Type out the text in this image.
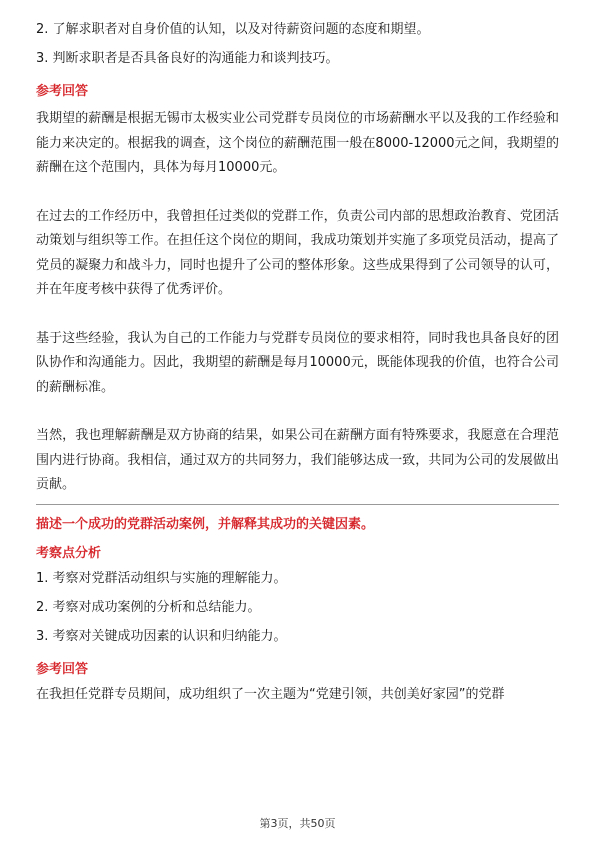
2. 了解求职者对自身价值的认知，以及对待薪资问题的态度和期望。
3. 判断求职者是否具备良好的沟通能力和谈判技巧。
参考回答

我期望的薪酬是根据无锡市太极实业公司党群专员岗位的市场薪酬水平以及我的工作经验和能力来决定的。根据我的调查，这个岗位的薪酬范围一般在8000-12000元之间，我期望的薪酬在这个范围内，具体为每月10000元。

在过去的工作经历中，我曾担任过类似的党群工作，负责公司内部的思想政治教育、党团活动策划与组织等工作。在担任这个岗位的期间，我成功策划并实施了多项党员活动，提高了党员的凝聚力和战斗力，同时也提升了公司的整体形象。这些成果得到了公司领导的认可，并在年度考核中获得了优秀评价。

基于这些经验，我认为自己的工作能力与党群专员岗位的要求相符，同时我也具备良好的团队协作和沟通能力。因此，我期望的薪酬是每月10000元，既能体现我的价值，也符合公司的薪酬标准。

当然，我也理解薪酬是双方协商的结果，如果公司在薪酬方面有特殊要求，我愿意在合理范围内进行协商。我相信，通过双方的共同努力，我们能够达成一致，共同为公司的发展做出贡献。

描述一个成功的党群活动案例，并解释其成功的关键因素。
考察点分析
1. 考察对党群活动组织与实施的理解能力。
2. 考察对成功案例的分析和总结能力。
3. 考察对关键成功因素的认识和归纳能力。
参考回答

在我担任党群专员期间，成功组织了一次主题为“党建引领，共创美好家园”的党群

第3页，共50页
